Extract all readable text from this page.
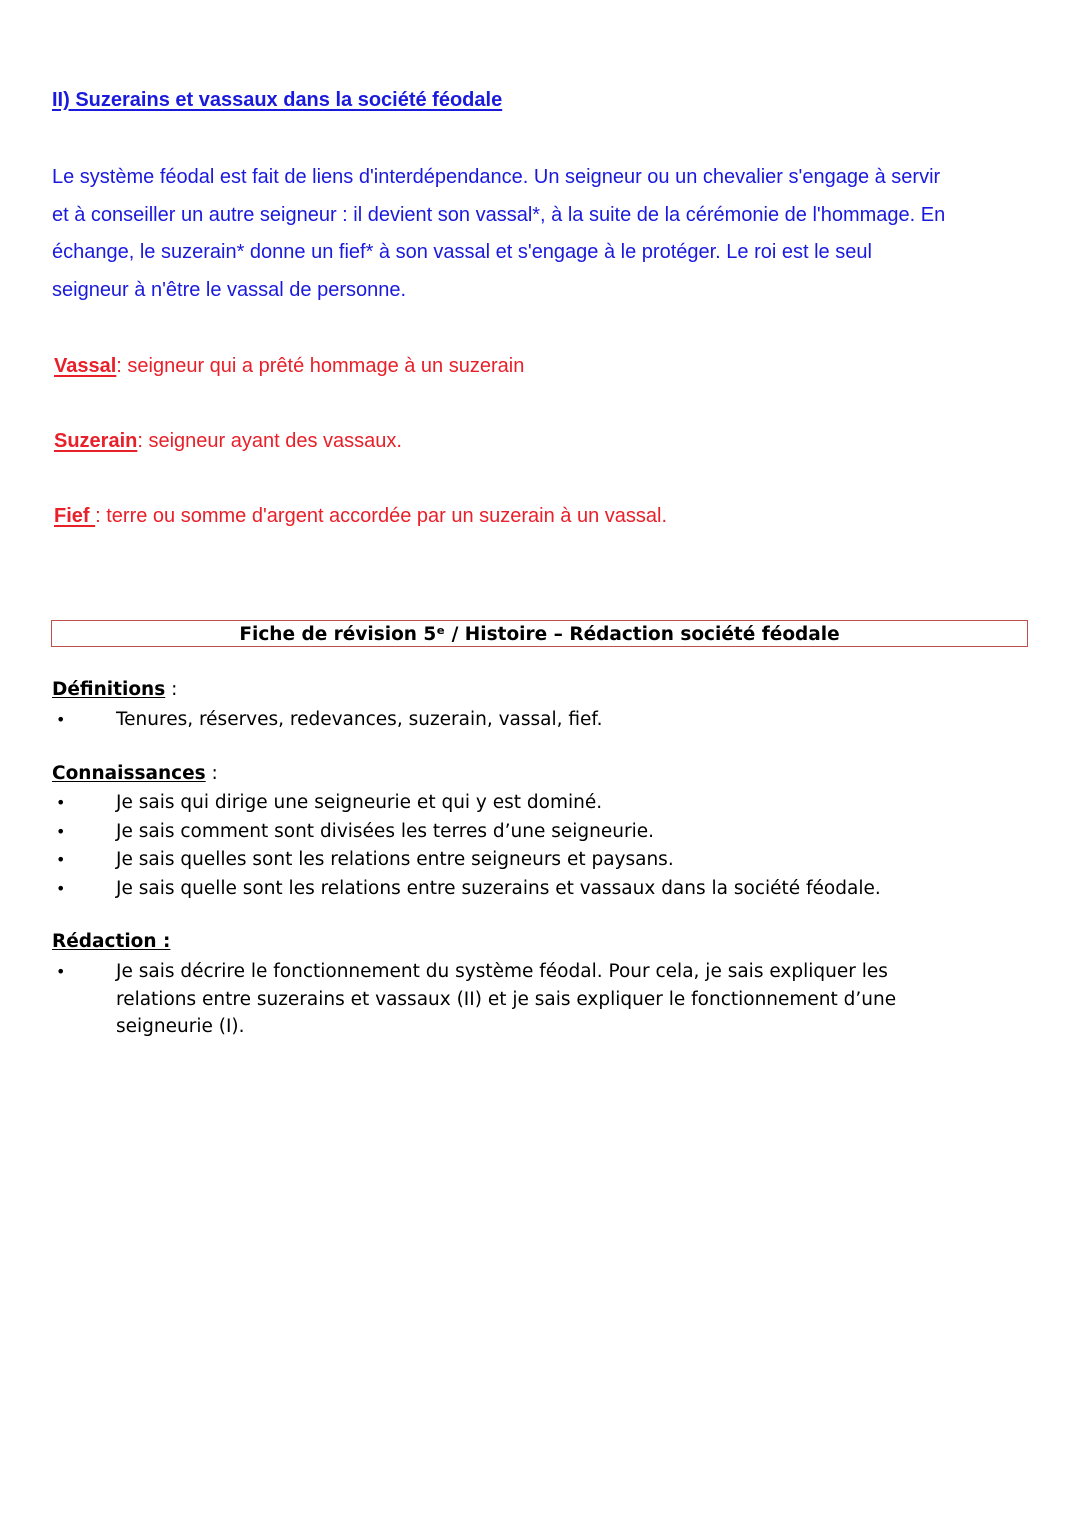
II) Suzerains et vassaux dans la société féodale

Le système féodal est fait de liens d'interdépendance. Un seigneur ou un chevalier s'engage à servir

et à conseiller un autre seigneur : il devient son vassal*, à la suite de la cérémonie de l'hommage. En

échange, le suzerain* donne un fief* à son vassal et s'engage à le protéger. Le roi est le seul

seigneur à n'être le vassal de personne.

Vassal: seigneur qui a prêté hommage à un suzerain
Suzerain: seigneur ayant des vassaux.
Fief : terre ou somme d'argent accordée par un suzerain à un vassal.
Fiche de révision 5ᵉ / Histoire – Rédaction société féodale
Définitions :
•	Tenures, réserves, redevances, suzerain, vassal, fief.
Connaissances :
•	Je sais qui dirige une seigneurie et qui y est dominé.
•	Je sais comment sont divisées les terres d’une seigneurie.
•	Je sais quelles sont les relations entre seigneurs et paysans.
•	Je sais quelle sont les relations entre suzerains et vassaux dans la société féodale.
Rédaction :
•	Je sais décrire le fonctionnement du système féodal. Pour cela, je sais expliquer les relations entre suzerains et vassaux (II) et je sais expliquer le fonctionnement d’une seigneurie (I).
